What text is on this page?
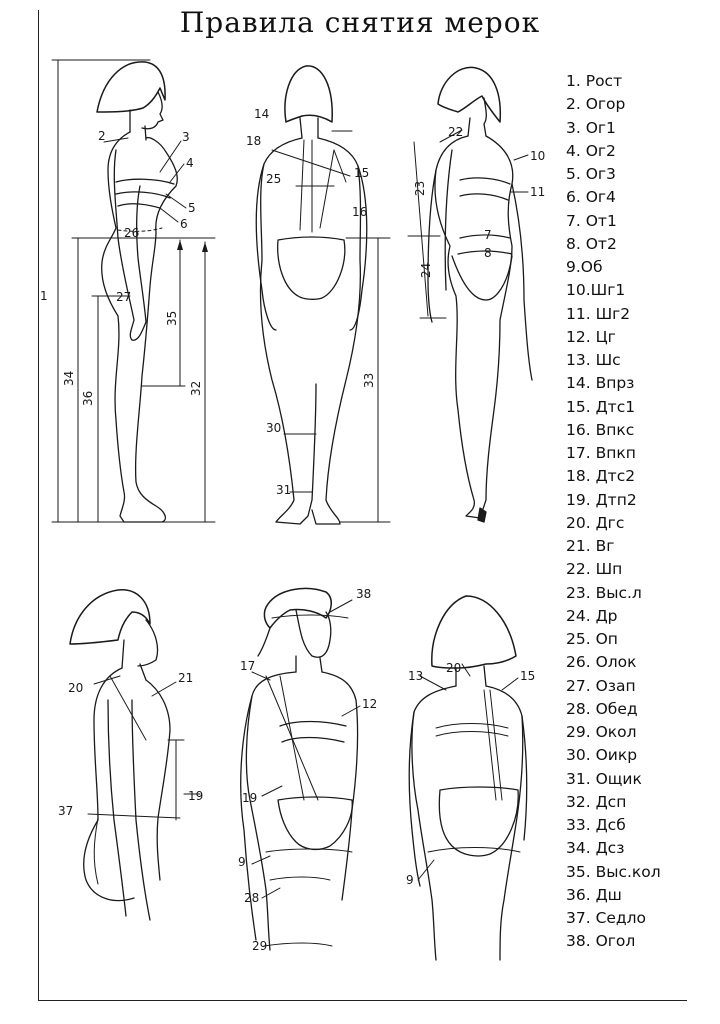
Правила снятия мерок
1. Рост
2. Огор
3. Ог1
4. Ог2
5. Ог3
6. Ог4
7. От1
8. От2
9.Об
10.Шг1
11. Шг2
12. Цг
13. Шс
14. Впрз
15. Дтс1
16. Впкс
17. Впкп
18. Дтс2
19. Дтп2
20. Дгс
21. Вг
22. Шп
23. Выс.л
24. Др
25. Оп
26. Олок
27. Озап
28. Обед
29. Окол
30. Оикр
31. Ощик
32. Дсп
33. Дсб
34. Дсз
35. Выс.кол
36. Дш
37. Седло
38. Огол
2	3
4
5
6
26
27
1
35
34
36
32
14
18
25	15
16
33
30
31
22
10
11
23
7
8
24
20
21
19
37
38
17
12
19
9
28
29
13
20
15
9
